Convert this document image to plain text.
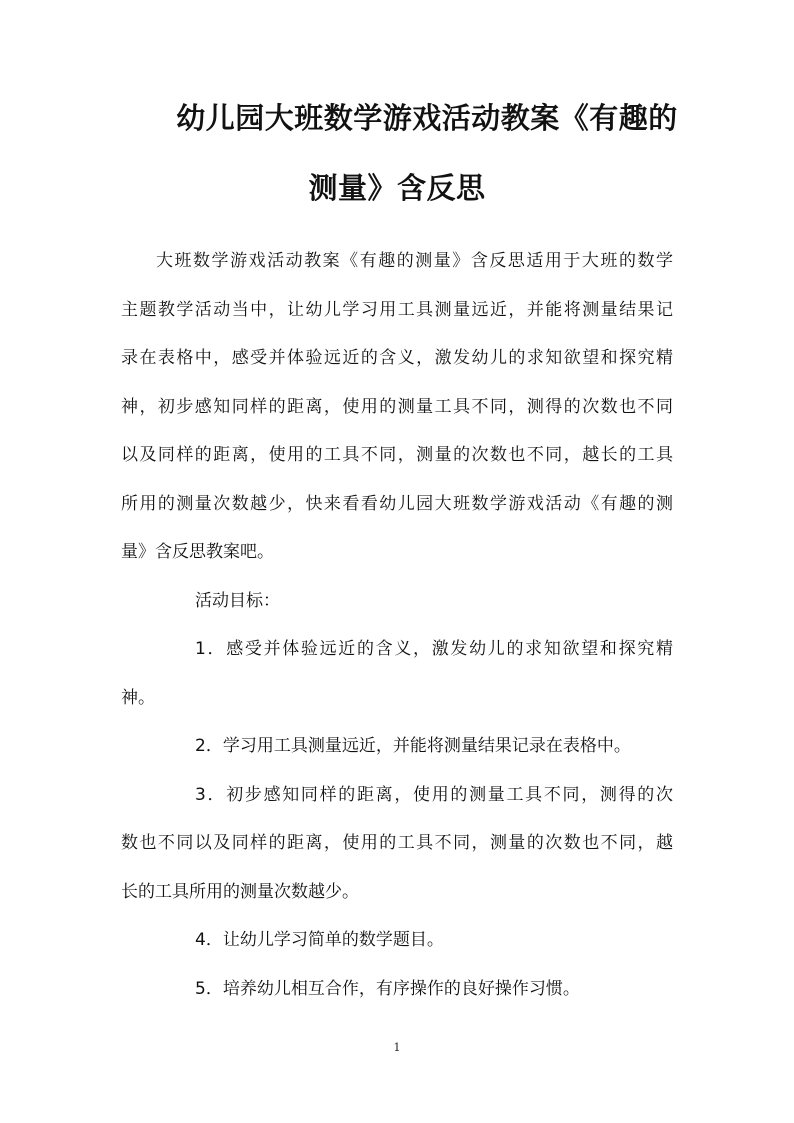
幼儿园大班数学游戏活动教案《有趣的
测量》含反思
大班数学游戏活动教案《有趣的测量》含反思适用于大班的数学
主题教学活动当中，让幼儿学习用工具测量远近，并能将测量结果记
录在表格中，感受并体验远近的含义，激发幼儿的求知欲望和探究精
神，初步感知同样的距离，使用的测量工具不同，测得的次数也不同
以及同样的距离，使用的工具不同，测量的次数也不同，越长的工具
所用的测量次数越少，快来看看幼儿园大班数学游戏活动《有趣的测
量》含反思教案吧。
活动目标：
1．感受并体验远近的含义，激发幼儿的求知欲望和探究精
神。
2．学习用工具测量远近，并能将测量结果记录在表格中。
3．初步感知同样的距离，使用的测量工具不同，测得的次
数也不同以及同样的距离，使用的工具不同，测量的次数也不同，越
长的工具所用的测量次数越少。
4．让幼儿学习简单的数学题目。
5．培养幼儿相互合作，有序操作的良好操作习惯。
1
